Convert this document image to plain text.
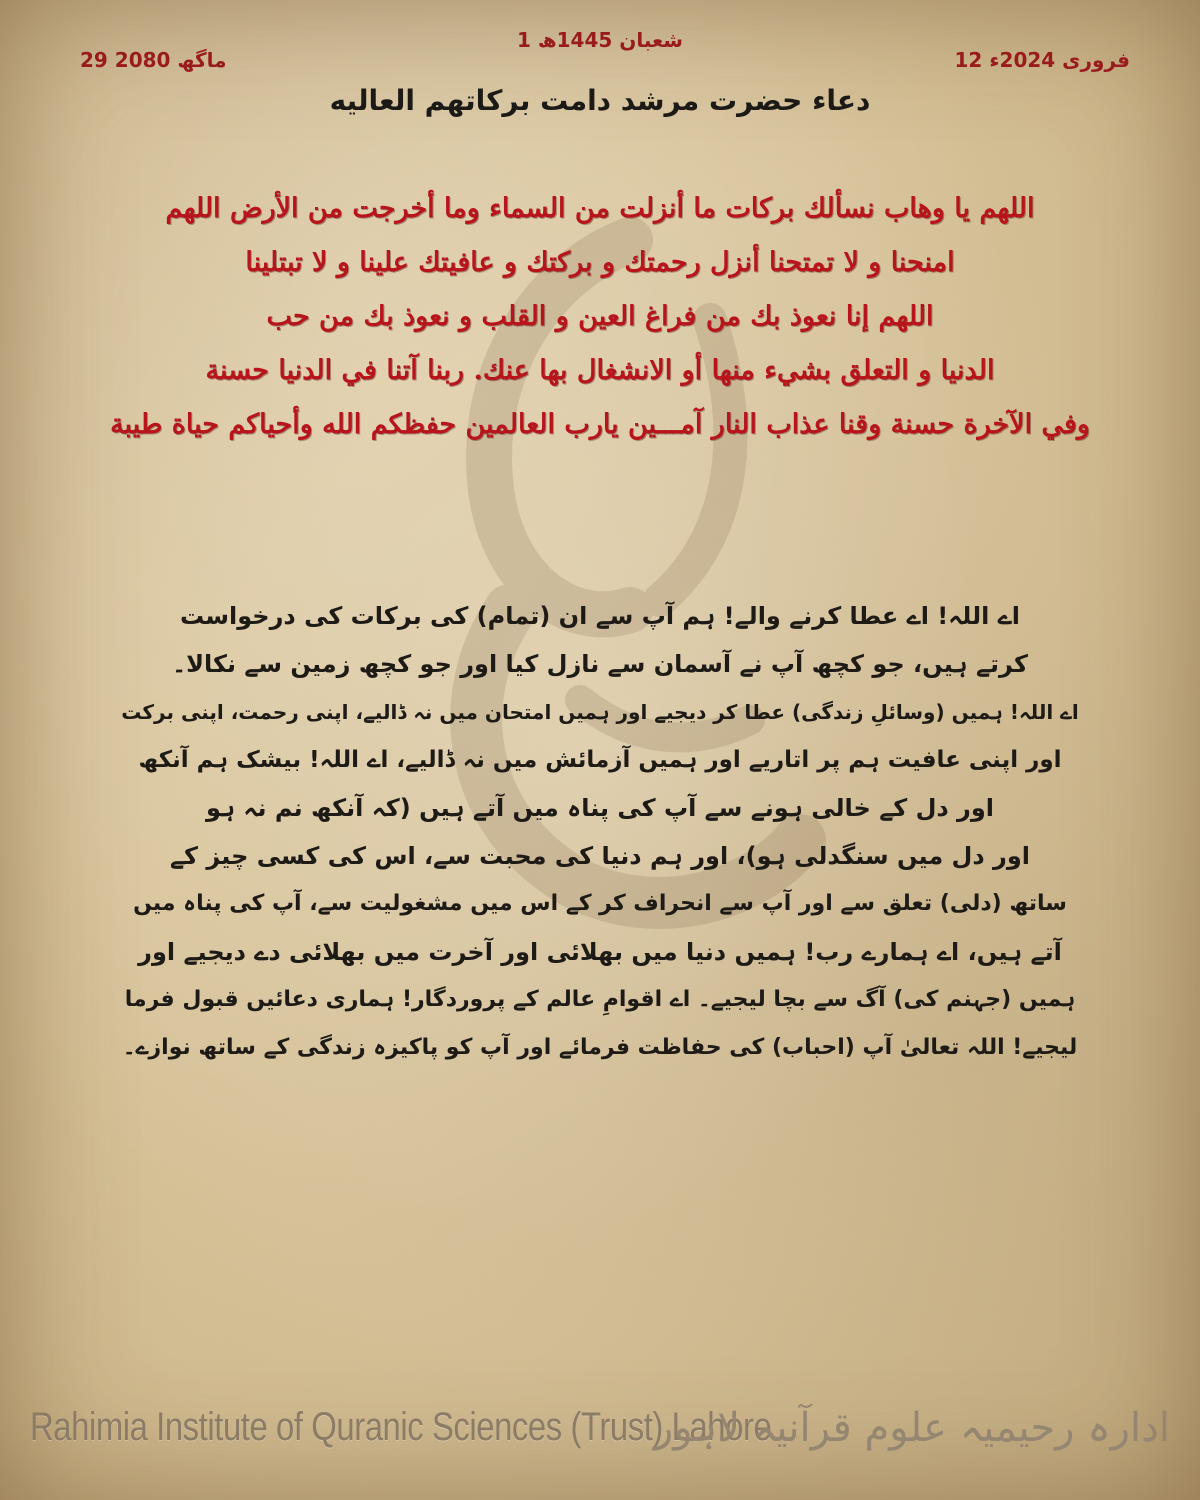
1 شعبان 1445ھ
29 ماگھ 2080	12 فروری 2024ء
دعاء حضرت مرشد دامت برکاتهم العاليه
اللهم يا وهاب نسألك بركات ما أنزلت من السماء وما أخرجت من الأرض اللهم
امنحنا و لا تمتحنا أنزل رحمتك و بركتك و عافيتك علينا و لا تبتلينا
اللهم إنا نعوذ بك من فراغ العين و القلب و نعوذ بك من حب
الدنيا و التعلق بشيء منها أو الانشغال بها عنك. ربنا آتنا في الدنيا حسنة
وفي الآخرة حسنة وقنا عذاب النار آمـــين يارب العالمين حفظكم الله وأحياكم حياة طيبة
اے اللہ! اے عطا کرنے والے! ہم آپ سے ان (تمام) کی برکات کی درخواست
کرتے ہیں، جو کچھ آپ نے آسمان سے نازل کیا اور جو کچھ زمین سے نکالا۔
اے اللہ! ہمیں (وسائلِ زندگی) عطا کر دیجیے اور ہمیں امتحان میں نہ ڈالیے، اپنی رحمت، اپنی برکت
اور اپنی عافیت ہم پر اتاریے اور ہمیں آزمائش میں نہ ڈالیے، اے اللہ! بیشک ہم آنکھ
اور دل کے خالی ہونے سے آپ کی پناہ میں آتے ہیں (کہ آنکھ نم نہ ہو
اور دل میں سنگدلی ہو)، اور ہم دنیا کی محبت سے، اس کی کسی چیز کے
ساتھ (دلی) تعلق سے اور آپ سے انحراف کر کے اس میں مشغولیت سے، آپ کی پناہ میں
آتے ہیں، اے ہمارے رب! ہمیں دنیا میں بھلائی اور آخرت میں بھلائی دے دیجیے اور
ہمیں (جہنم کی) آگ سے بچا لیجیے۔ اے اقوامِ عالم کے پروردگار! ہماری دعائیں قبول فرما
لیجیے! اللہ تعالیٰ آپ (احباب) کی حفاظت فرمائے اور آپ کو پاکیزہ زندگی کے ساتھ نوازے۔
Rahimia Institute of Quranic Sciences (Trust) Lahore
ادارہ رحیمیہ علوم قرآنیہ لاہور
